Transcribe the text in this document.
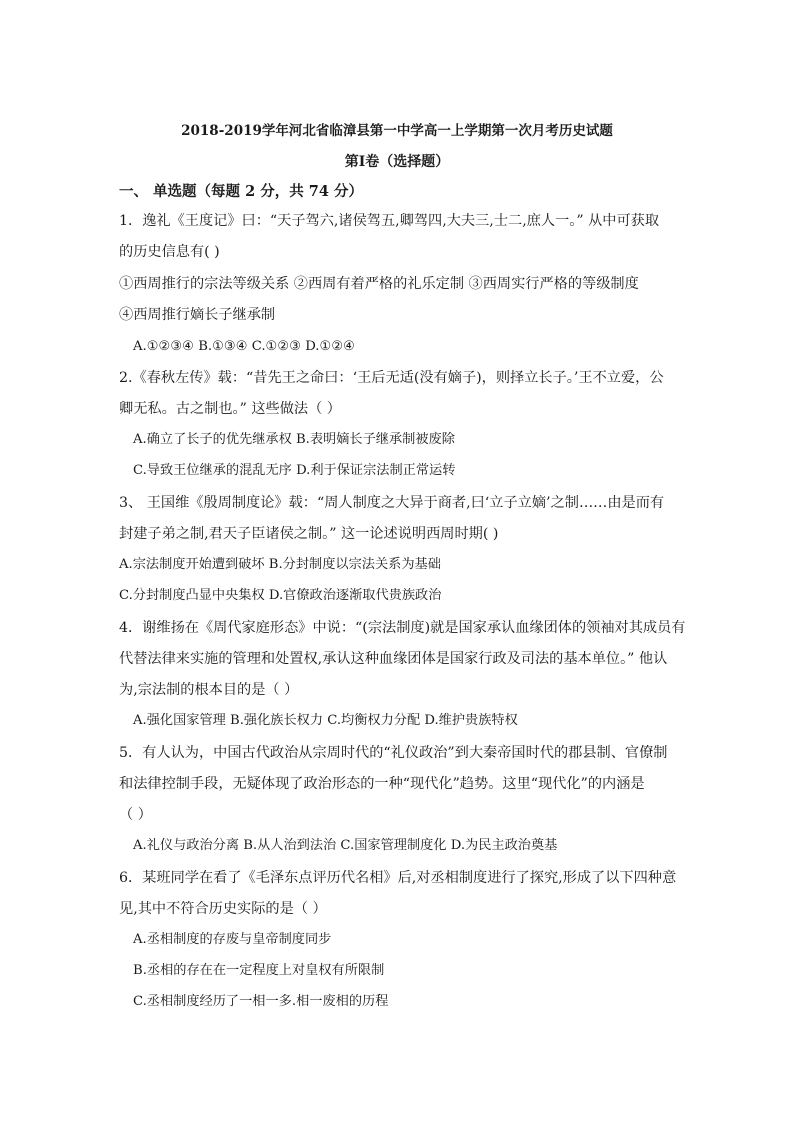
2018-2019学年河北省临漳县第一中学高一上学期第一次月考历史试题
第Ⅰ卷（选择题）
一、 单选题（每题 2 分，共 74 分）
1．逸礼《王度记》曰：“天子驾六,诸侯驾五,卿驾四,大夫三,士二,庶人一。” 从中可获取
的历史信息有( )
①西周推行的宗法等级关系 ②西周有着严格的礼乐定制 ③西周实行严格的等级制度
④西周推行嫡长子继承制
A.①②③④ B.①③④ C.①②③ D.①②④
2.《春秋左传》载：“昔先王之命曰：‘王后无适(没有嫡子)，则择立长子。’王不立爱，公
卿无私。古之制也。” 这些做法（ ）
A.确立了长子的优先继承权 B.表明嫡长子继承制被废除
C.导致王位继承的混乱无序 D.利于保证宗法制正常运转
3、 王国维《殷周制度论》载：“周人制度之大异于商者,曰‘立子立嫡’之制……由是而有
封建子弟之制,君天子臣诸侯之制。” 这一论述说明西周时期( )
A.宗法制度开始遭到破坏 B.分封制度以宗法关系为基础
C.分封制度凸显中央集权 D.官僚政治逐渐取代贵族政治
4．谢维扬在《周代家庭形态》中说：“(宗法制度)就是国家承认血缘团体的领袖对其成员有
代替法律来实施的管理和处置权,承认这种血缘团体是国家行政及司法的基本单位。” 他认
为,宗法制的根本目的是（ ）
A.强化国家管理 B.强化族长权力 C.均衡权力分配 D.维护贵族特权
5．有人认为，中国古代政治从宗周时代的“礼仪政治”到大秦帝国时代的郡县制、官僚制
和法律控制手段，无疑体现了政治形态的一种“现代化”趋势。这里“现代化”的内涵是
（ ）
A.礼仪与政治分离 B.从人治到法治 C.国家管理制度化 D.为民主政治奠基
6．某班同学在看了《毛泽东点评历代名相》后,对丞相制度进行了探究,形成了以下四种意
见,其中不符合历史实际的是（ ）
A.丞相制度的存废与皇帝制度同步
B.丞相的存在在一定程度上对皇权有所限制
C.丞相制度经历了一相一多.相一废相的历程
